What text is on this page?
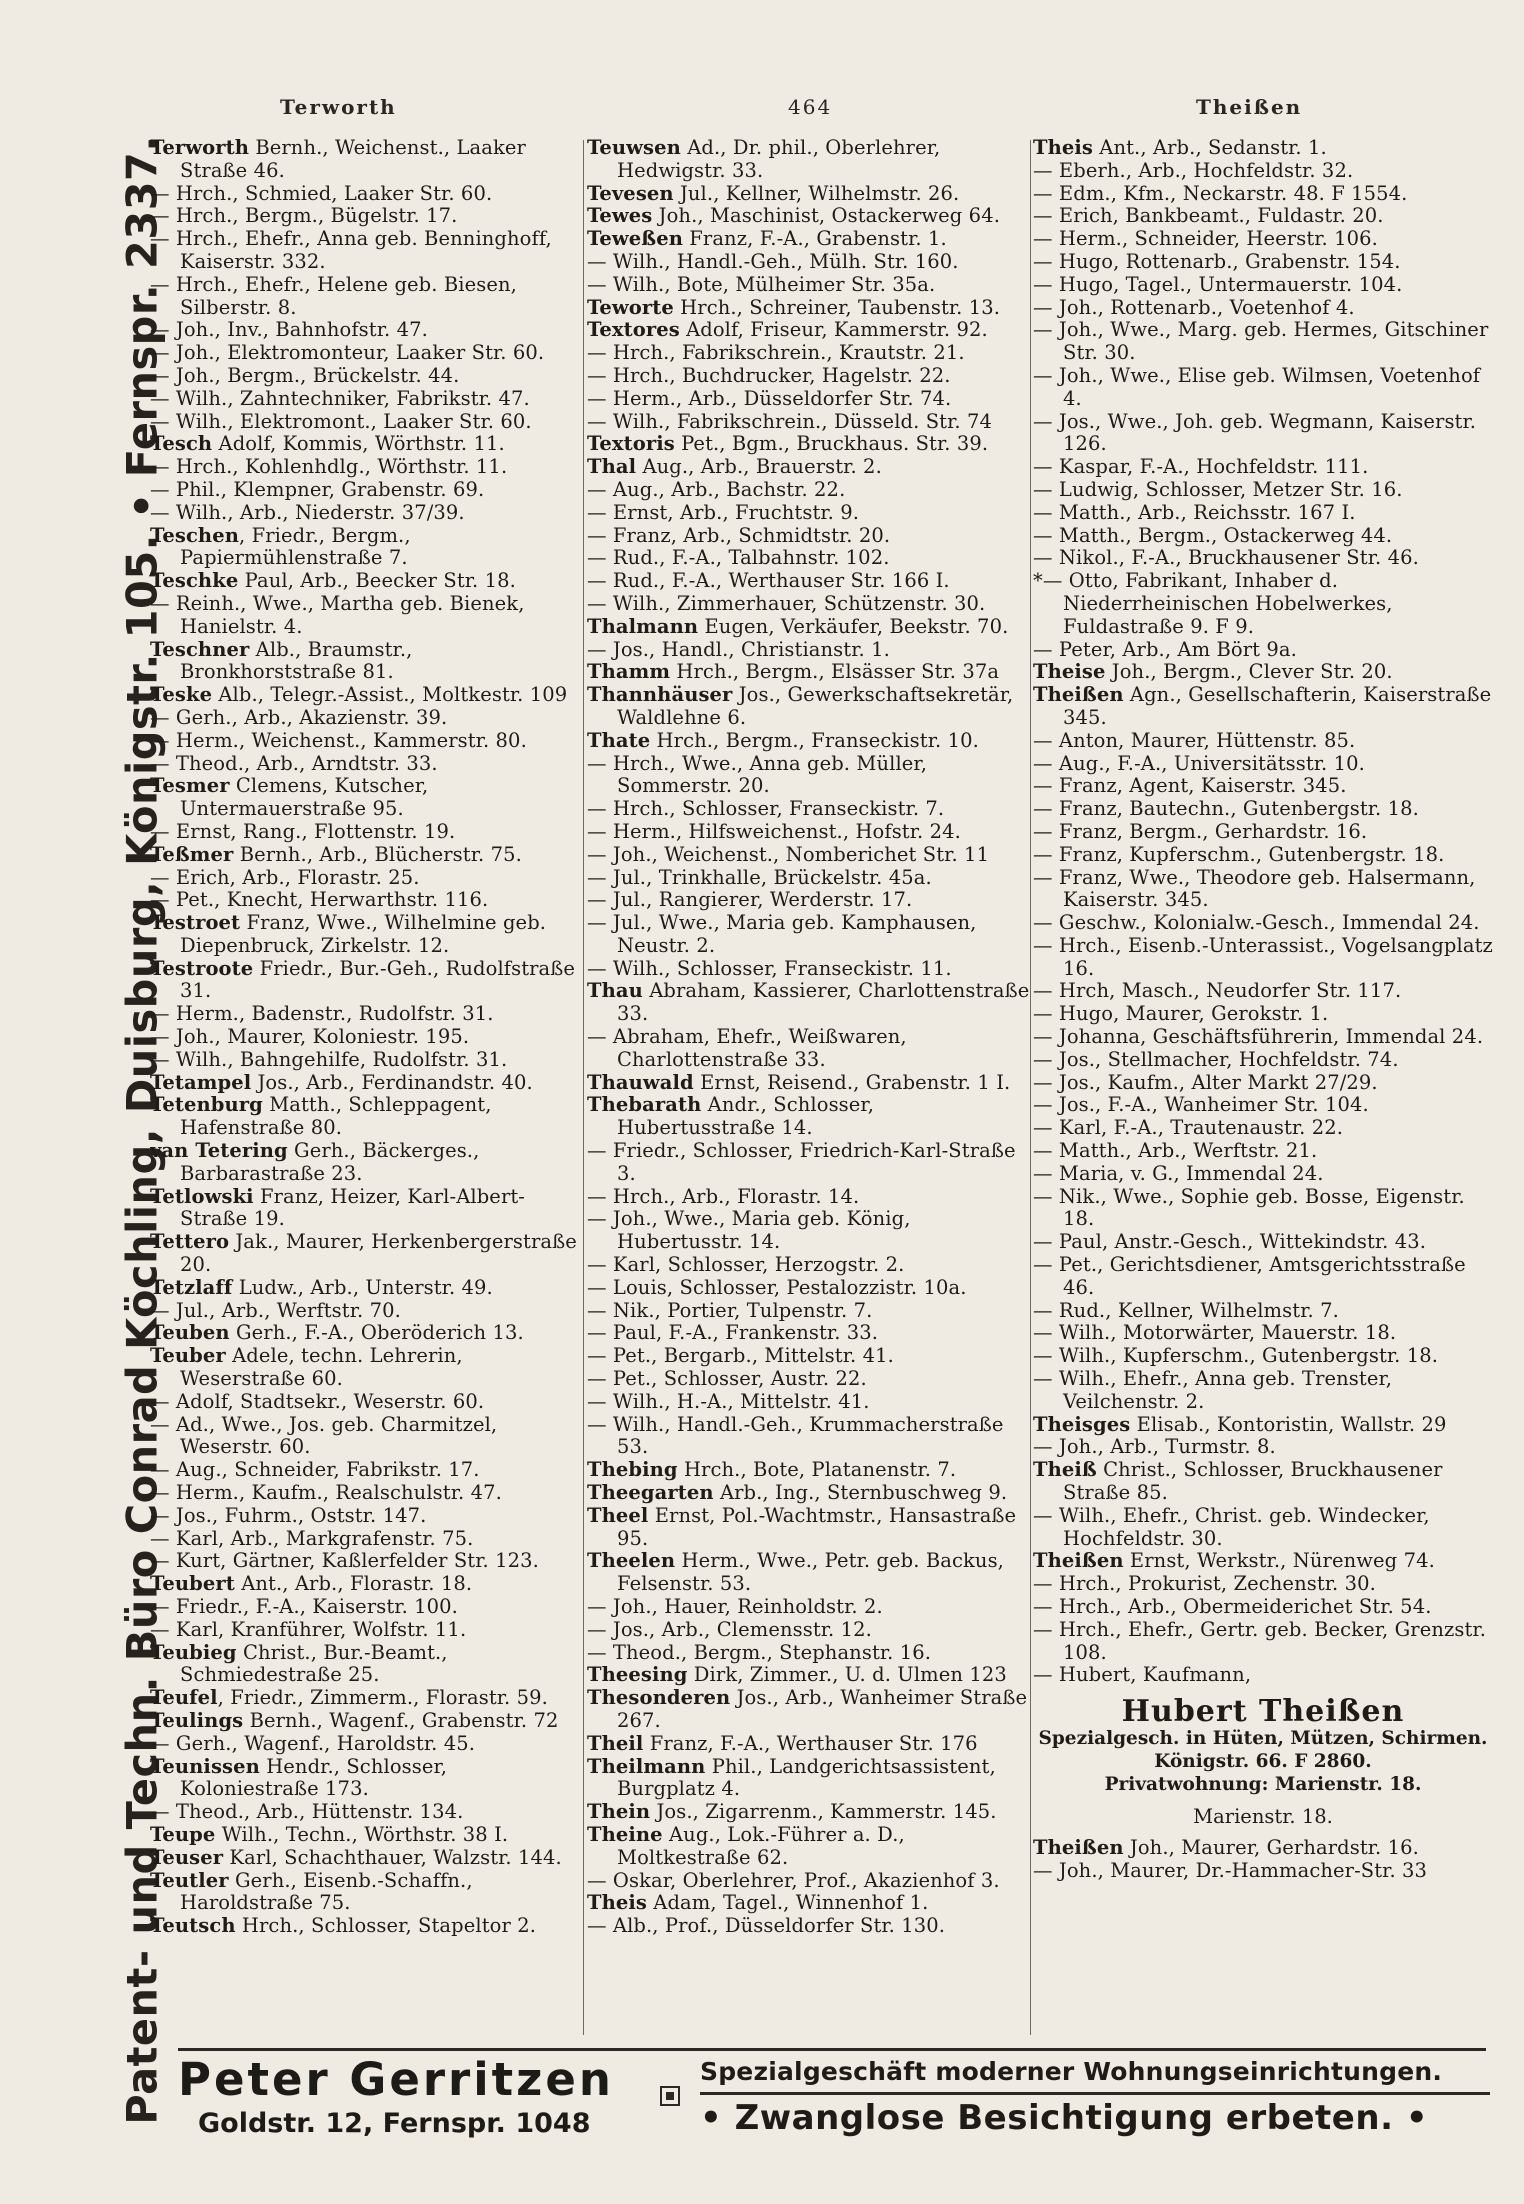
Patent- und Techn. Büro Conrad Köchling, Duisburg, Königstr. 105. • Fernspr. 2337.
Terworth	464	Theißen
Terworth Bernh., Weichenst., Laaker Straße 46.
— Hrch., Schmied, Laaker Str. 60.
— Hrch., Bergm., Bügelstr. 17.
— Hrch., Ehefr., Anna geb. Benninghoff, Kaiserstr. 332.
— Hrch., Ehefr., Helene geb. Biesen, Silberstr. 8.
— Joh., Inv., Bahnhofstr. 47.
— Joh., Elektromonteur, Laaker Str. 60.
— Joh., Bergm., Brückelstr. 44.
— Wilh., Zahntechniker, Fabrikstr. 47.
— Wilh., Elektromont., Laaker Str. 60.
Tesch Adolf, Kommis, Wörthstr. 11.
— Hrch., Kohlenhdlg., Wörthstr. 11.
— Phil., Klempner, Grabenstr. 69.
— Wilh., Arb., Niederstr. 37/39.
Teschen, Friedr., Bergm., Papiermühlenstraße 7.
Teschke Paul, Arb., Beecker Str. 18.
— Reinh., Wwe., Martha geb. Bienek, Hanielstr. 4.
Teschner Alb., Braumstr., Bronkhorststraße 81.
Teske Alb., Telegr.-Assist., Moltkestr. 109
— Gerh., Arb., Akazienstr. 39.
— Herm., Weichenst., Kammerstr. 80.
— Theod., Arb., Arndtstr. 33.
Tesmer Clemens, Kutscher, Untermauerstraße 95.
— Ernst, Rang., Flottenstr. 19.
Teßmer Bernh., Arb., Blücherstr. 75.
— Erich, Arb., Florastr. 25.
— Pet., Knecht, Herwarthstr. 116.
Testroet Franz, Wwe., Wilhelmine geb. Diepenbruck, Zirkelstr. 12.
Testroote Friedr., Bur.-Geh., Rudolfstraße 31.
— Herm., Badenstr., Rudolfstr. 31.
— Joh., Maurer, Koloniestr. 195.
— Wilh., Bahngehilfe, Rudolfstr. 31.
Tetampel Jos., Arb., Ferdinandstr. 40.
Tetenburg Matth., Schleppagent, Hafenstraße 80.
van Tetering Gerh., Bäckerges., Barbarastraße 23.
Tetlowski Franz, Heizer, Karl-Albert-Straße 19.
Tettero Jak., Maurer, Herkenbergerstraße 20.
Tetzlaff Ludw., Arb., Unterstr. 49.
— Jul., Arb., Werftstr. 70.
Teuben Gerh., F.-A., Oberöderich 13.
Teuber Adele, techn. Lehrerin, Weserstraße 60.
— Adolf, Stadtsekr., Weserstr. 60.
— Ad., Wwe., Jos. geb. Charmitzel, Weserstr. 60.
— Aug., Schneider, Fabrikstr. 17.
— Herm., Kaufm., Realschulstr. 47.
— Jos., Fuhrm., Oststr. 147.
— Karl, Arb., Markgrafenstr. 75.
— Kurt, Gärtner, Kaßlerfelder Str. 123.
Teubert Ant., Arb., Florastr. 18.
— Friedr., F.-A., Kaiserstr. 100.
— Karl, Kranführer, Wolfstr. 11.
Teubieg Christ., Bur.-Beamt., Schmiedestraße 25.
Teufel, Friedr., Zimmerm., Florastr. 59.
Teulings Bernh., Wagenf., Grabenstr. 72
— Gerh., Wagenf., Haroldstr. 45.
Teunissen Hendr., Schlosser, Koloniestraße 173.
— Theod., Arb., Hüttenstr. 134.
Teupe Wilh., Techn., Wörthstr. 38 I.
Teuser Karl, Schachthauer, Walzstr. 144.
Teutler Gerh., Eisenb.-Schaffn., Haroldstraße 75.
Teutsch Hrch., Schlosser, Stapeltor 2.
Teuwsen Ad., Dr. phil., Oberlehrer, Hedwigstr. 33.
Tevesen Jul., Kellner, Wilhelmstr. 26.
Tewes Joh., Maschinist, Ostackerweg 64.
Teweßen Franz, F.-A., Grabenstr. 1.
— Wilh., Handl.-Geh., Mülh. Str. 160.
— Wilh., Bote, Mülheimer Str. 35a.
Teworte Hrch., Schreiner, Taubenstr. 13.
Textores Adolf, Friseur, Kammerstr. 92.
— Hrch., Fabrikschrein., Krautstr. 21.
— Hrch., Buchdrucker, Hagelstr. 22.
— Herm., Arb., Düsseldorfer Str. 74.
— Wilh., Fabrikschrein., Düsseld. Str. 74
Textoris Pet., Bgm., Bruckhaus. Str. 39.
Thal Aug., Arb., Brauerstr. 2.
— Aug., Arb., Bachstr. 22.
— Ernst, Arb., Fruchtstr. 9.
— Franz, Arb., Schmidtstr. 20.
— Rud., F.-A., Talbahnstr. 102.
— Rud., F.-A., Werthauser Str. 166 I.
— Wilh., Zimmerhauer, Schützenstr. 30.
Thalmann Eugen, Verkäufer, Beekstr. 70.
— Jos., Handl., Christianstr. 1.
Thamm Hrch., Bergm., Elsässer Str. 37a
Thannhäuser Jos., Gewerkschaftsekretär, Waldlehne 6.
Thate Hrch., Bergm., Franseckistr. 10.
— Hrch., Wwe., Anna geb. Müller, Sommerstr. 20.
— Hrch., Schlosser, Franseckistr. 7.
— Herm., Hilfsweichenst., Hofstr. 24.
— Joh., Weichenst., Nomberichet Str. 11
— Jul., Trinkhalle, Brückelstr. 45a.
— Jul., Rangierer, Werderstr. 17.
— Jul., Wwe., Maria geb. Kamphausen, Neustr. 2.
— Wilh., Schlosser, Franseckistr. 11.
Thau Abraham, Kassierer, Charlottenstraße 33.
— Abraham, Ehefr., Weißwaren, Charlottenstraße 33.
Thauwald Ernst, Reisend., Grabenstr. 1 I.
Thebarath Andr., Schlosser, Hubertusstraße 14.
— Friedr., Schlosser, Friedrich-Karl-Straße 3.
— Hrch., Arb., Florastr. 14.
— Joh., Wwe., Maria geb. König, Hubertusstr. 14.
— Karl, Schlosser, Herzogstr. 2.
— Louis, Schlosser, Pestalozzistr. 10a.
— Nik., Portier, Tulpenstr. 7.
— Paul, F.-A., Frankenstr. 33.
— Pet., Bergarb., Mittelstr. 41.
— Pet., Schlosser, Austr. 22.
— Wilh., H.-A., Mittelstr. 41.
— Wilh., Handl.-Geh., Krummacherstraße 53.
Thebing Hrch., Bote, Platanenstr. 7.
Theegarten Arb., Ing., Sternbuschweg 9.
Theel Ernst, Pol.-Wachtmstr., Hansastraße 95.
Theelen Herm., Wwe., Petr. geb. Backus, Felsenstr. 53.
— Joh., Hauer, Reinholdstr. 2.
— Jos., Arb., Clemensstr. 12.
— Theod., Bergm., Stephanstr. 16.
Theesing Dirk, Zimmer., U. d. Ulmen 123
Thesonderen Jos., Arb., Wanheimer Straße 267.
Theil Franz, F.-A., Werthauser Str. 176
Theilmann Phil., Landgerichtsassistent, Burgplatz 4.
Thein Jos., Zigarrenm., Kammerstr. 145.
Theine Aug., Lok.-Führer a. D., Moltkestraße 62.
— Oskar, Oberlehrer, Prof., Akazienhof 3.
Theis Adam, Tagel., Winnenhof 1.
— Alb., Prof., Düsseldorfer Str. 130.
Theis Ant., Arb., Sedanstr. 1.
— Eberh., Arb., Hochfeldstr. 32.
— Edm., Kfm., Neckarstr. 48. F 1554.
— Erich, Bankbeamt., Fuldastr. 20.
— Herm., Schneider, Heerstr. 106.
— Hugo, Rottenarb., Grabenstr. 154.
— Hugo, Tagel., Untermauerstr. 104.
— Joh., Rottenarb., Voetenhof 4.
— Joh., Wwe., Marg. geb. Hermes, Gitschiner Str. 30.
— Joh., Wwe., Elise geb. Wilmsen, Voetenhof 4.
— Jos., Wwe., Joh. geb. Wegmann, Kaiserstr. 126.
— Kaspar, F.-A., Hochfeldstr. 111.
— Ludwig, Schlosser, Metzer Str. 16.
— Matth., Arb., Reichsstr. 167 I.
— Matth., Bergm., Ostackerweg 44.
— Nikol., F.-A., Bruckhausener Str. 46.
*— Otto, Fabrikant, Inhaber d. Niederrheinischen Hobelwerkes, Fuldastraße 9. F 9.
— Peter, Arb., Am Bört 9a.
Theise Joh., Bergm., Clever Str. 20.
Theißen Agn., Gesellschafterin, Kaiserstraße 345.
— Anton, Maurer, Hüttenstr. 85.
— Aug., F.-A., Universitätsstr. 10.
— Franz, Agent, Kaiserstr. 345.
— Franz, Bautechn., Gutenbergstr. 18.
— Franz, Bergm., Gerhardstr. 16.
— Franz, Kupferschm., Gutenbergstr. 18.
— Franz, Wwe., Theodore geb. Halsermann, Kaiserstr. 345.
— Geschw., Kolonialw.-Gesch., Immendal 24.
— Hrch., Eisenb.-Unterassist., Vogelsangplatz 16.
— Hrch, Masch., Neudorfer Str. 117.
— Hugo, Maurer, Gerokstr. 1.
— Johanna, Geschäftsführerin, Immendal 24.
— Jos., Stellmacher, Hochfeldstr. 74.
— Jos., Kaufm., Alter Markt 27/29.
— Jos., F.-A., Wanheimer Str. 104.
— Karl, F.-A., Trautenaustr. 22.
— Matth., Arb., Werftstr. 21.
— Maria, v. G., Immendal 24.
— Nik., Wwe., Sophie geb. Bosse, Eigenstr. 18.
— Paul, Anstr.-Gesch., Wittekindstr. 43.
— Pet., Gerichtsdiener, Amtsgerichtsstraße 46.
— Rud., Kellner, Wilhelmstr. 7.
— Wilh., Motorwärter, Mauerstr. 18.
— Wilh., Kupferschm., Gutenbergstr. 18.
— Wilh., Ehefr., Anna geb. Trenster, Veilchenstr. 2.
Theisges Elisab., Kontoristin, Wallstr. 29
— Joh., Arb., Turmstr. 8.
Theiß Christ., Schlosser, Bruckhausener Straße 85.
— Wilh., Ehefr., Christ. geb. Windecker, Hochfeldstr. 30.
Theißen Ernst, Werkstr., Nürenweg 74.
— Hrch., Prokurist, Zechenstr. 30.
— Hrch., Arb., Obermeiderichet Str. 54.
— Hrch., Ehefr., Gertr. geb. Becker, Grenzstr. 108.
— Hubert, Kaufmann,
Hubert Theißen
Spezialgesch. in Hüten, Mützen, Schirmen.
Königstr. 66. F 2860.
Privatwohnung: Marienstr. 18.
Marienstr. 18.
Theißen Joh., Maurer, Gerhardstr. 16.
— Joh., Maurer, Dr.-Hammacher-Str. 33
Peter Gerritzen
Goldstr. 12, Fernspr. 1048
Spezialgeschäft moderner Wohnungseinrichtungen.
• Zwanglose Besichtigung erbeten. •
